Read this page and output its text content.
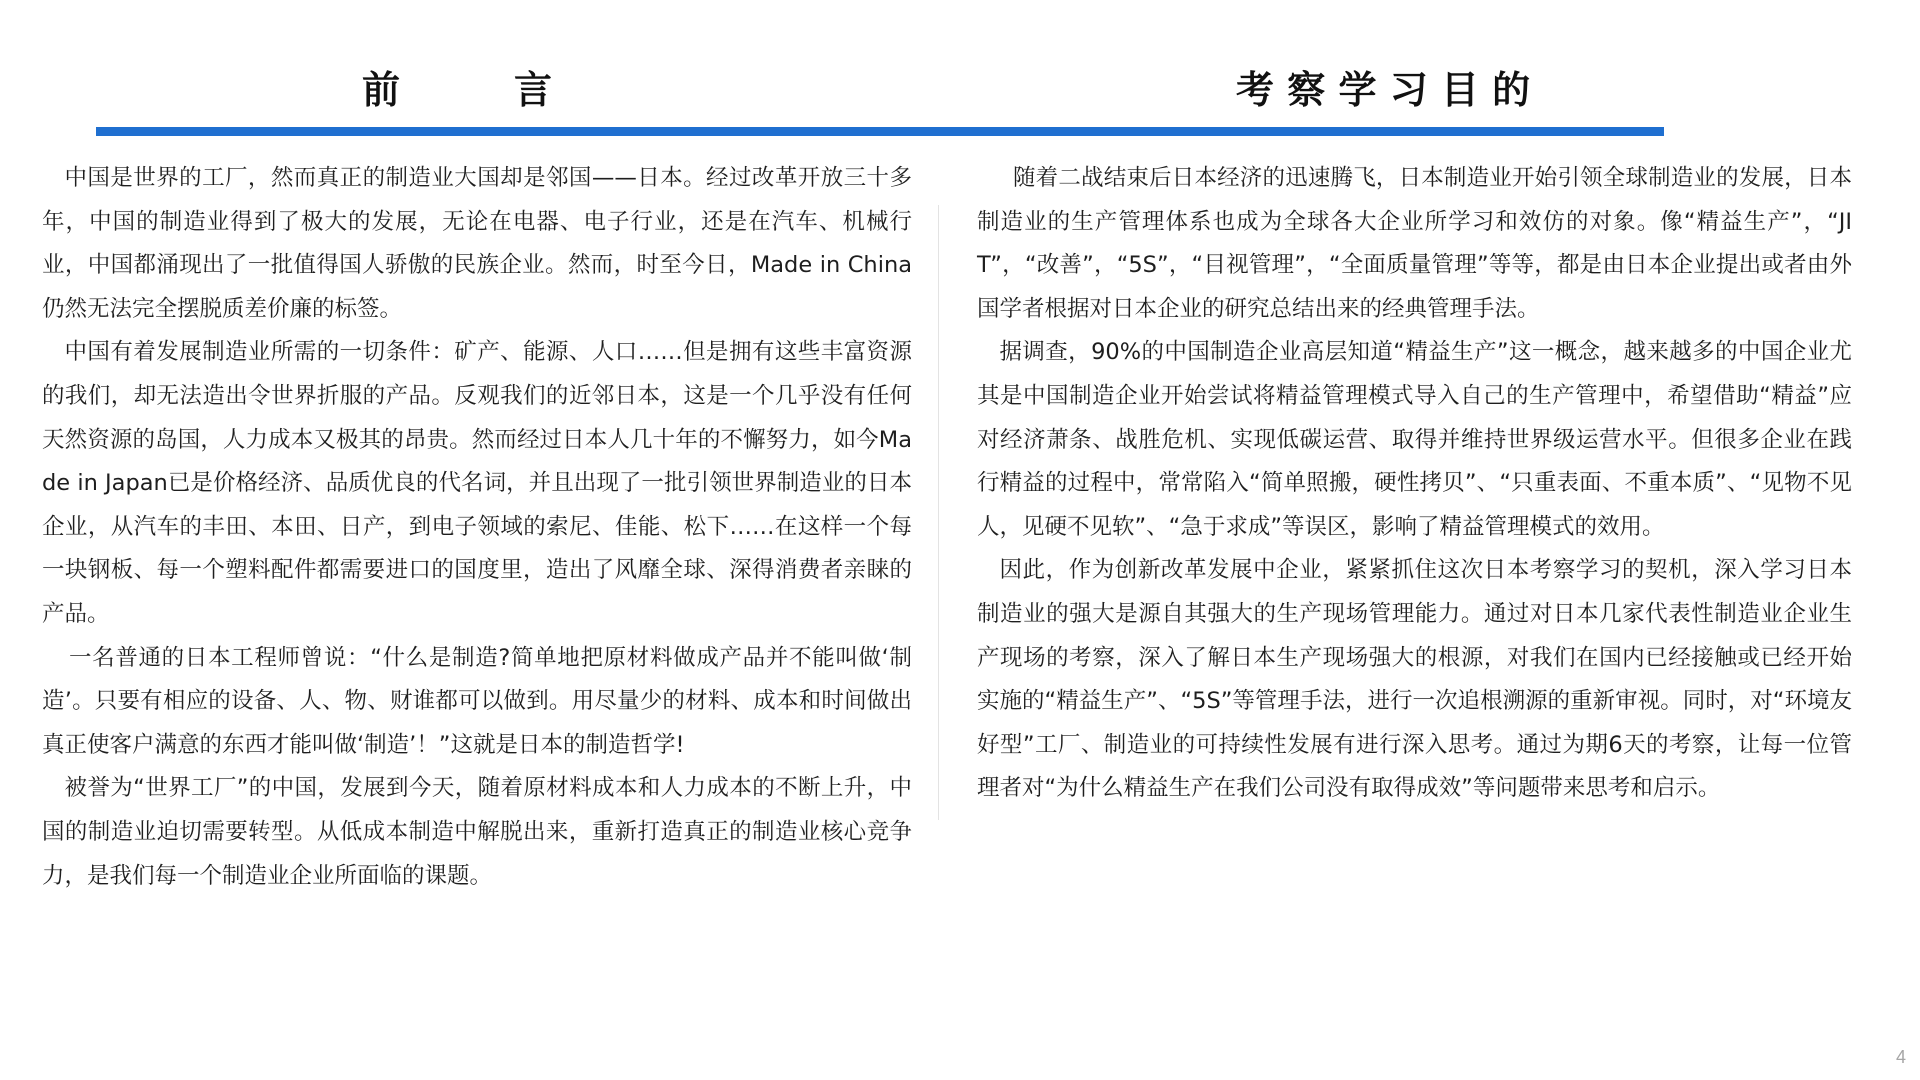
前　　　言	考 察 学 习 目 的

中国是世界的工厂，然而真正的制造业大国却是邻国——日本。经过改革开放三十多年，中国的制造业得到了极大的发展，无论在电器、电子行业，还是在汽车、机械行业，中国都涌现出了一批值得国人骄傲的民族企业。然而，时至今日，Made in China仍然无法完全摆脱质差价廉的标签。

中国有着发展制造业所需的一切条件：矿产、能源、人口……但是拥有这些丰富资源的我们，却无法造出令世界折服的产品。反观我们的近邻日本，这是一个几乎没有任何天然资源的岛国，人力成本又极其的昂贵。然而经过日本人几十年的不懈努力，如今Made in Japan已是价格经济、品质优良的代名词，并且出现了一批引领世界制造业的日本企业，从汽车的丰田、本田、日产，到电子领域的索尼、佳能、松下……在这样一个每一块钢板、每一个塑料配件都需要进口的国度里，造出了风靡全球、深得消费者亲睐的产品。

一名普通的日本工程师曾说：“什么是制造?简单地把原材料做成产品并不能叫做‘制造’。只要有相应的设备、人、物、财谁都可以做到。用尽量少的材料、成本和时间做出真正使客户满意的东西才能叫做‘制造’！”这就是日本的制造哲学!

被誉为“世界工厂”的中国，发展到今天，随着原材料成本和人力成本的不断上升，中国的制造业迫切需要转型。从低成本制造中解脱出来，重新打造真正的制造业核心竞争力，是我们每一个制造业企业所面临的课题。

随着二战结束后日本经济的迅速腾飞，日本制造业开始引领全球制造业的发展，日本制造业的生产管理体系也成为全球各大企业所学习和效仿的对象。像“精益生产”，“JIT”，“改善”，“5S”，“目视管理”，“全面质量管理”等等，都是由日本企业提出或者由外国学者根据对日本企业的研究总结出来的经典管理手法。

据调查，90%的中国制造企业高层知道“精益生产”这一概念，越来越多的中国企业尤其是中国制造企业开始尝试将精益管理模式导入自己的生产管理中，希望借助“精益”应对经济萧条、战胜危机、实现低碳运营、取得并维持世界级运营水平。但很多企业在践行精益的过程中，常常陷入“简单照搬，硬性拷贝”、“只重表面、不重本质”、“见物不见人，见硬不见软”、“急于求成”等误区，影响了精益管理模式的效用。

因此，作为创新改革发展中企业，紧紧抓住这次日本考察学习的契机，深入学习日本制造业的强大是源自其强大的生产现场管理能力。通过对日本几家代表性制造业企业生产现场的考察，深入了解日本生产现场强大的根源，对我们在国内已经接触或已经开始实施的“精益生产”、“5S”等管理手法，进行一次追根溯源的重新审视。同时，对“环境友好型”工厂、制造业的可持续性发展有进行深入思考。通过为期6天的考察，让每一位管理者对“为什么精益生产在我们公司没有取得成效”等问题带来思考和启示。

4
